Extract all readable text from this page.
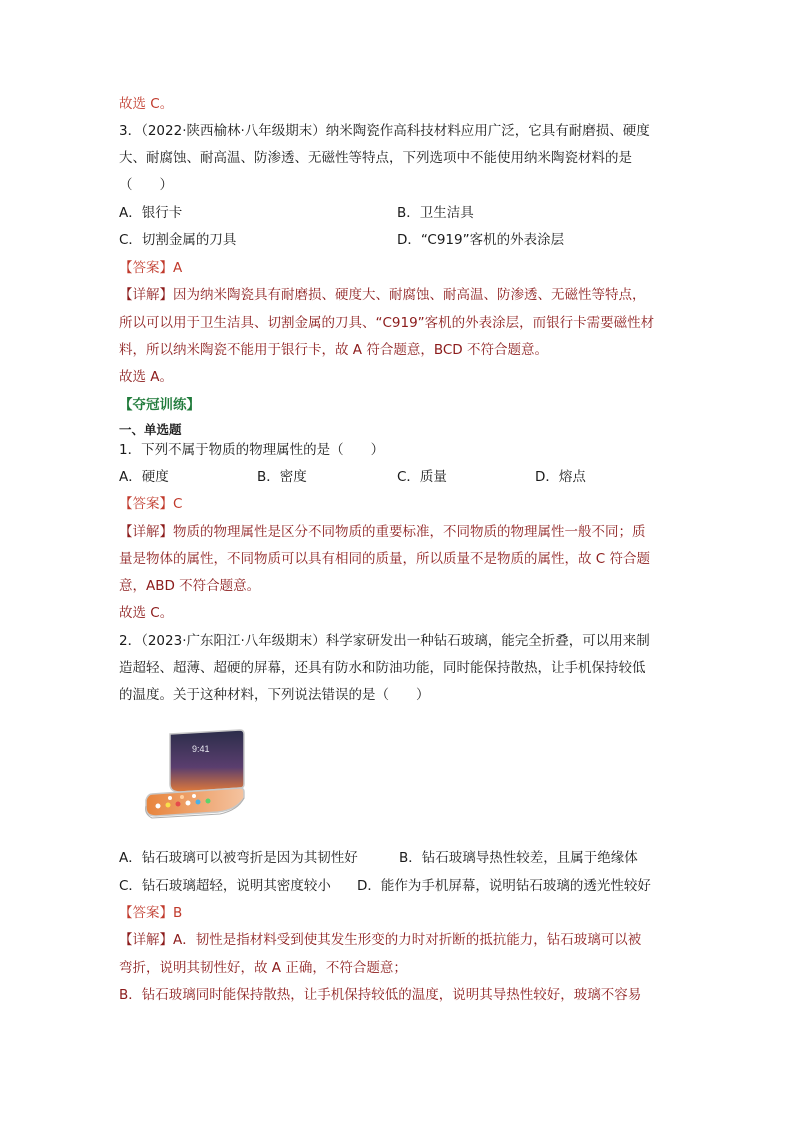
故选 C。
3．（2022·陕西榆林·八年级期末）纳米陶瓷作高科技材料应用广泛，它具有耐磨损、硬度
大、耐腐蚀、耐高温、防渗透、无磁性等特点，下列选项中不能使用纳米陶瓷材料的是
（　　）
A．银行卡	B．卫生洁具
C．切割金属的刀具	D．“C919”客机的外表涂层
【答案】A
【详解】因为纳米陶瓷具有耐磨损、硬度大、耐腐蚀、耐高温、防渗透、无磁性等特点，
所以可以用于卫生洁具、切割金属的刀具、“C919”客机的外表涂层，而银行卡需要磁性材
料，所以纳米陶瓷不能用于银行卡，故 A 符合题意，BCD 不符合题意。
故选 A。
【夺冠训练】
一、单选题
1．下列不属于物质的物理属性的是（　　）
A．硬度	B．密度	C．质量	D．熔点
【答案】C
【详解】物质的物理属性是区分不同物质的重要标准，不同物质的物理属性一般不同；质
量是物体的属性，不同物质可以具有相同的质量，所以质量不是物质的属性，故 C 符合题
意，ABD 不符合题意。
故选 C。
2．（2023·广东阳江·八年级期末）科学家研发出一种钻石玻璃，能完全折叠，可以用来制
造超轻、超薄、超硬的屏幕，还具有防水和防油功能，同时能保持散热，让手机保持较低
的温度。关于这种材料，下列说法错误的是（　　）
9:41
A．钻石玻璃可以被弯折是因为其韧性好	B．钻石玻璃导热性较差，且属于绝缘体
C．钻石玻璃超轻，说明其密度较小 D．能作为手机屏幕，说明钻石玻璃的透光性较好
【答案】B
【详解】A．韧性是指材料受到使其发生形变的力时对折断的抵抗能力，钻石玻璃可以被
弯折，说明其韧性好，故 A 正确，不符合题意；
B．钻石玻璃同时能保持散热，让手机保持较低的温度，说明其导热性较好，玻璃不容易
